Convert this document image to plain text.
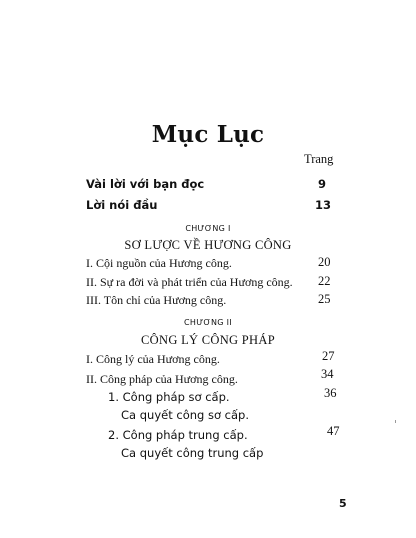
Mục Lục
Trang
Vài lời với bạn đọc	9
Lời nói đầu	13
CHƯƠNG I
SƠ LƯỢC VỀ HƯƠNG CÔNG
I. Cội nguồn của Hương công.	20
II. Sự ra đời và phát triển của Hương công. 22
III. Tôn chỉ của Hương công.	25
CHƯƠNG II
CÔNG LÝ CÔNG PHÁP
I. Công lý của Hương công.	27
II. Công pháp của Hương công.	34
1. Công pháp sơ cấp.	36
Ca quyết công sơ cấp.
2. Công pháp trung cấp.	47
Ca quyết công trung cấp
5
